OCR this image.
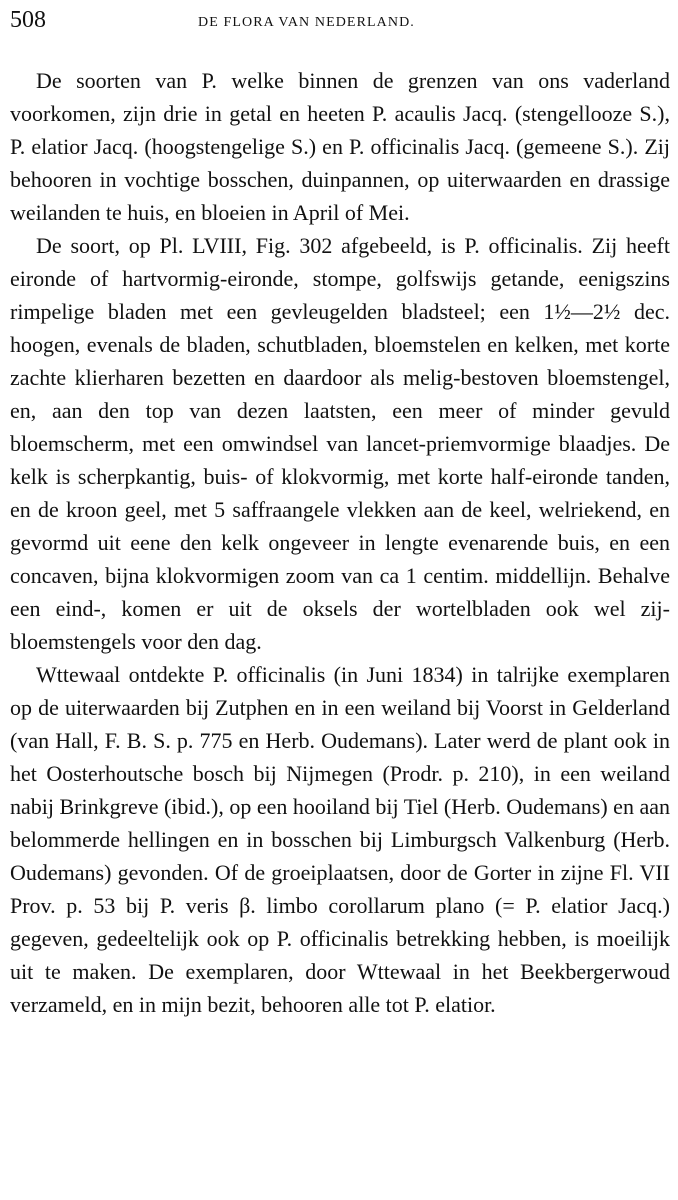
508	DE FLORA VAN NEDERLAND.

De soorten van P. welke binnen de grenzen van ons vaderland voorkomen, zijn drie in getal en heeten P. acaulis Jacq. (stengellooze S.), P. elatior Jacq. (hoogstengelige S.) en P. officinalis Jacq. (gemeene S.). Zij behooren in vochtige bosschen, duinpannen, op uiterwaarden en drassige weilanden te huis, en bloeien in April of Mei.

De soort, op Pl. LVIII, Fig. 302 afgebeeld, is P. officinalis. Zij heeft eironde of hartvormig-eironde, stompe, golfswijs getande, eenigszins rimpelige bladen met een gevleugelden bladsteel; een 1½—2½ dec. hoogen, evenals de bladen, schutbladen, bloemstelen en kelken, met korte zachte klierharen bezetten en daardoor als melig-bestoven bloemstengel, en, aan den top van dezen laatsten, een meer of minder gevuld bloemscherm, met een omwindsel van lancet-priemvormige blaadjes. De kelk is scherpkantig, buis- of klokvormig, met korte half-eironde tanden, en de kroon geel, met 5 saffraangele vlekken aan de keel, welriekend, en gevormd uit eene den kelk ongeveer in lengte evenarende buis, en een concaven, bijna klokvormigen zoom van ca 1 centim. middellijn. Behalve een eind-, komen er uit de oksels der wortelbladen ook wel zij-bloemstengels voor den dag.

Wttewaal ontdekte P. officinalis (in Juni 1834) in talrijke exemplaren op de uiterwaarden bij Zutphen en in een weiland bij Voorst in Gelderland (van Hall, F. B. S. p. 775 en Herb. Oudemans). Later werd de plant ook in het Oosterhoutsche bosch bij Nijmegen (Prodr. p. 210), in een weiland nabij Brinkgreve (ibid.), op een hooiland bij Tiel (Herb. Oudemans) en aan belommerde hellingen en in bosschen bij Limburgsch Valkenburg (Herb. Oudemans) gevonden. Of de groeiplaatsen, door de Gorter in zijne Fl. VII Prov. p. 53 bij P. veris β. limbo corollarum plano (= P. elatior Jacq.) gegeven, gedeeltelijk ook op P. officinalis betrekking hebben, is moeilijk uit te maken. De exemplaren, door Wttewaal in het Beekbergerwoud verzameld, en in mijn bezit, behooren alle tot P. elatior.
